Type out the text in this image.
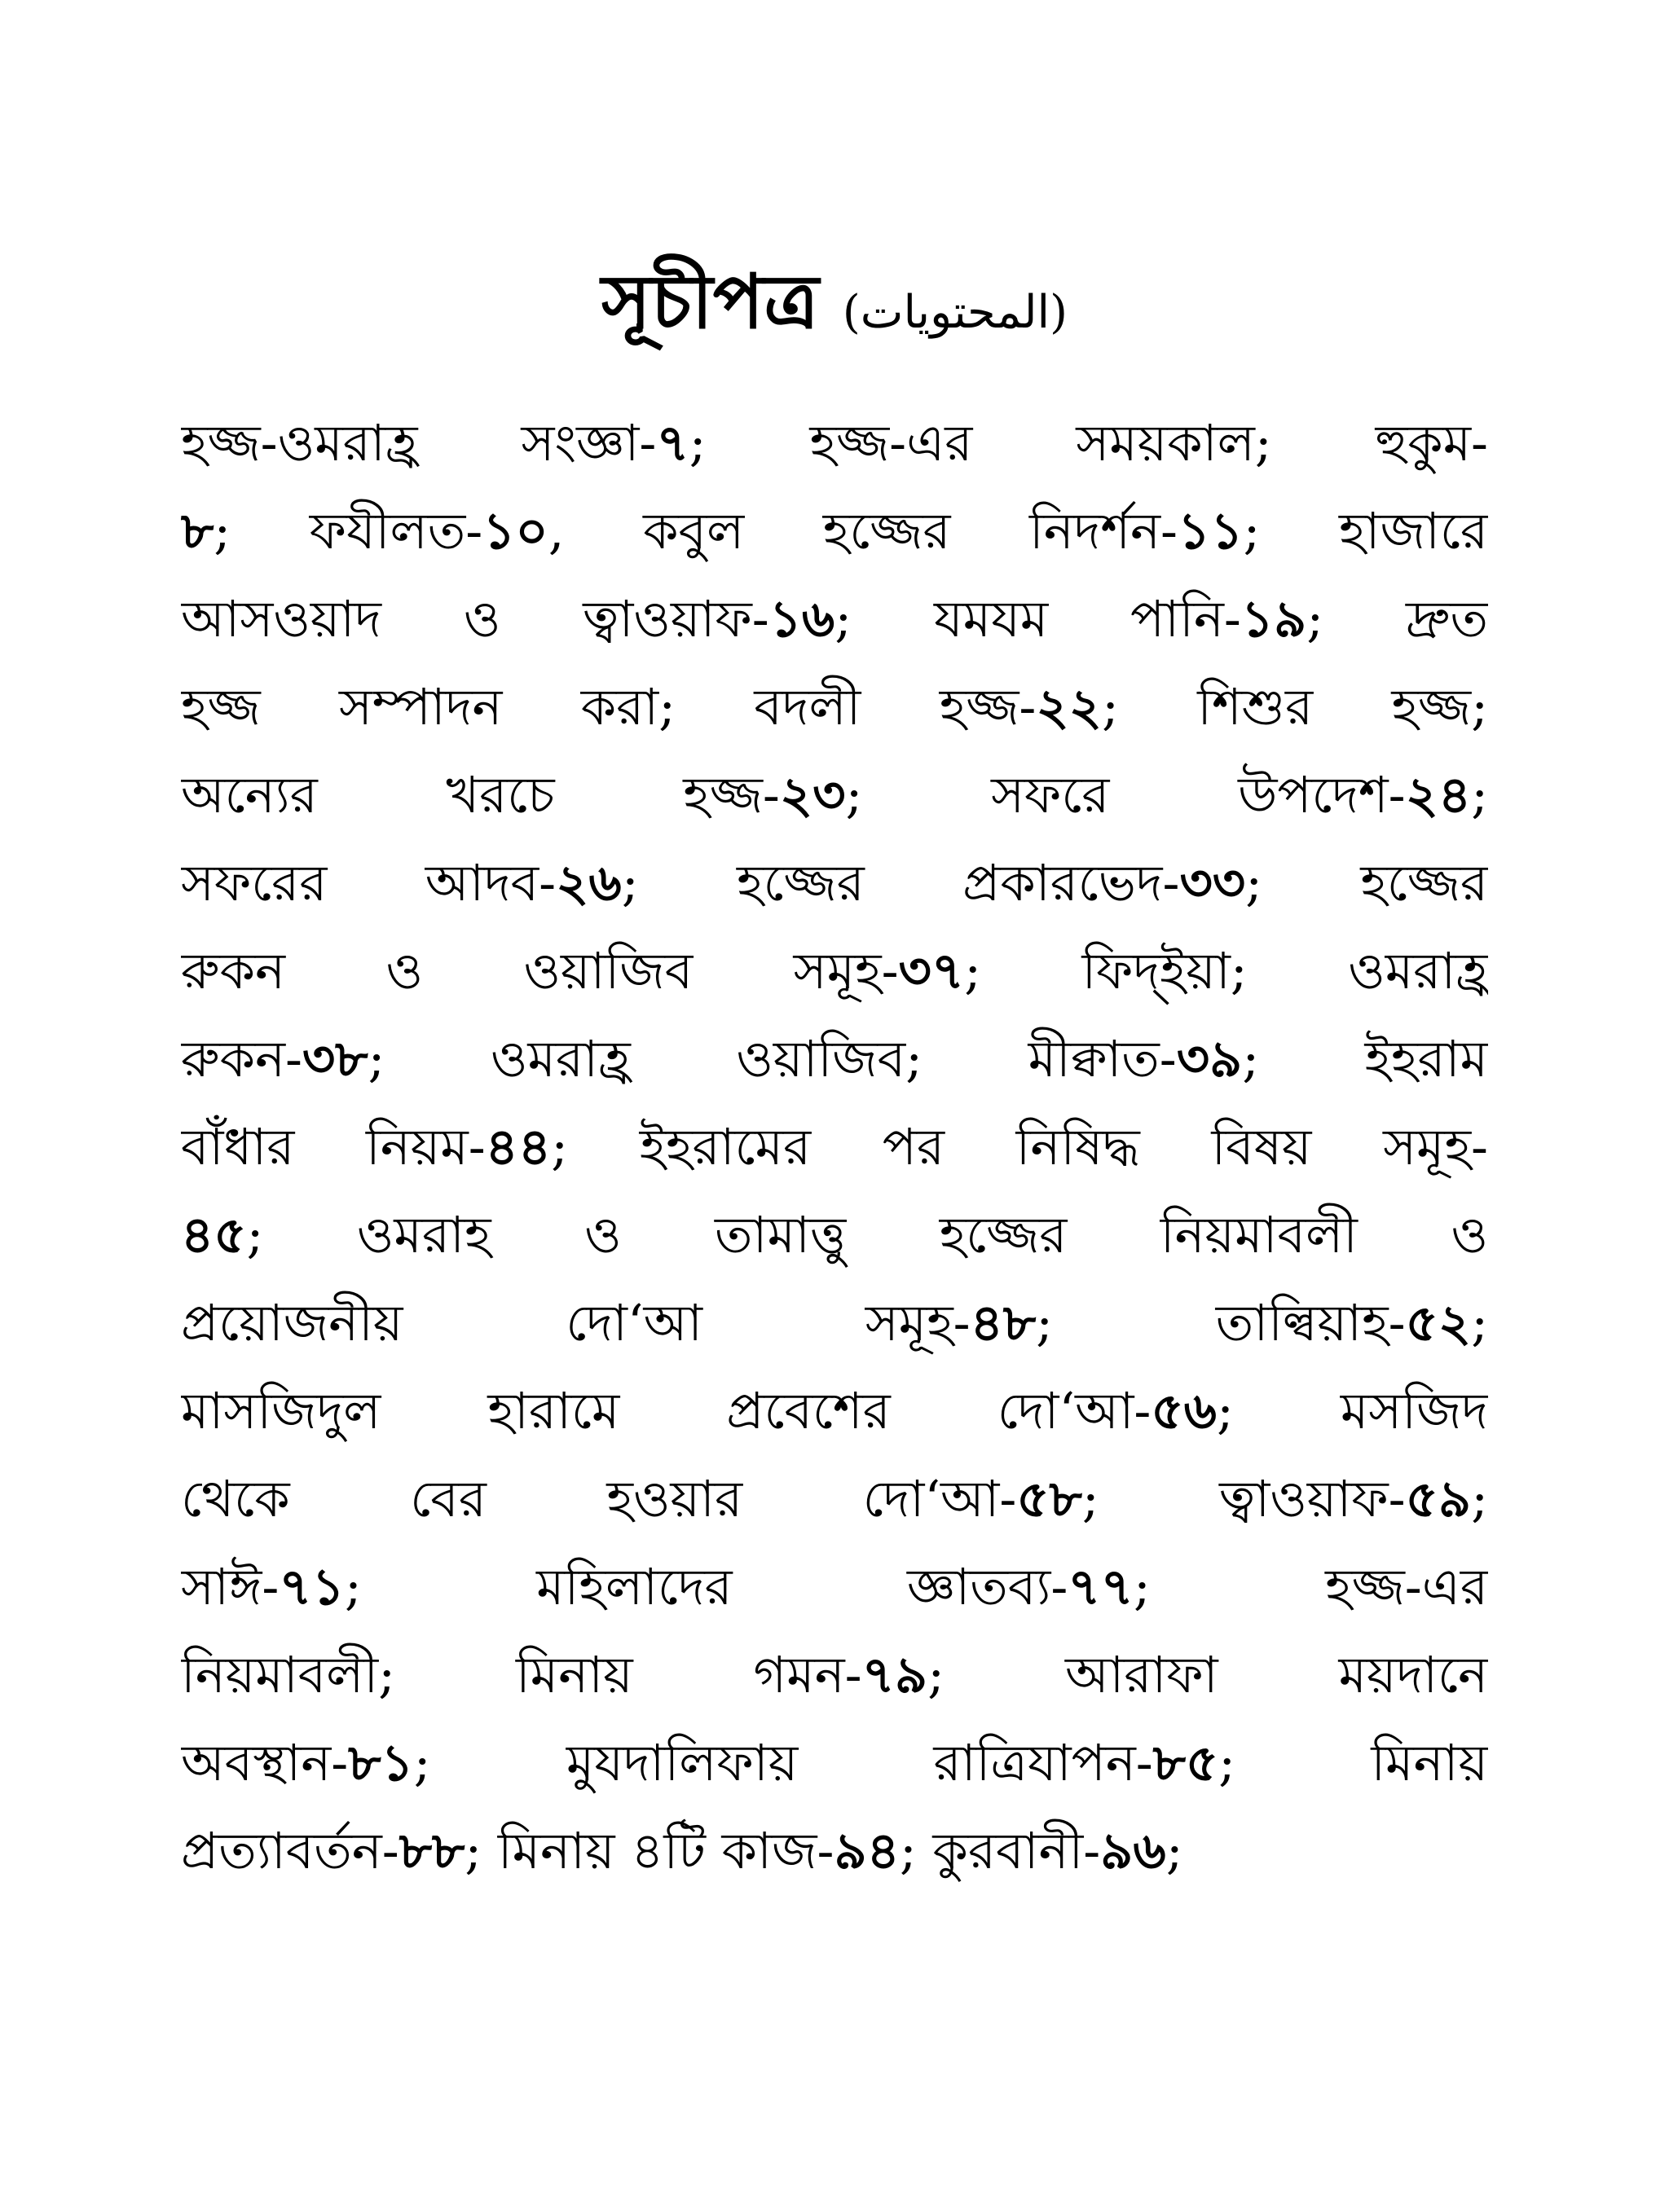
সূচীপত্র (المحتويات)
হজ্জ-ওমরাহ্র সংজ্ঞা-৭; হজ্জ-এর সময়কাল; হুকুম-
৮; ফযীলত-১০, কবুল হজ্জের নিদর্শন-১১; হাজারে
আসওয়াদ ও ত্বাওয়াফ-১৬; যমযম পানি-১৯; দ্রুত
হজ্জ সম্পাদন করা; বদলী হজ্জ-২২; শিশুর হজ্জ;
অন্যের খরচে হজ্জ-২৩; সফরে উপদেশ-২৪;
সফরের আদব-২৬; হজ্জের প্রকারভেদ-৩৩; হজ্জের
রুকন ও ওয়াজিব সমূহ-৩৭; ফিদ্ইয়া; ওমরাহ্র
রুকন-৩৮; ওমরাহ্র ওয়াজিব; মীক্বাত-৩৯; ইহরাম
বাঁধার নিয়ম-৪৪; ইহরামের পর নিষিদ্ধ বিষয় সমূহ-
৪৫; ওমরাহ ও তামাত্তু হজ্জের নিয়মাবলী ও
প্রয়োজনীয় দো‘আ সমূহ-৪৮; তাল্বিয়াহ-৫২;
মাসজিদুল হারামে প্রবেশের দো‘আ-৫৬; মসজিদ
থেকে বের হওয়ার দো‘আ-৫৮; ত্বাওয়াফ-৫৯;
সাঈ-৭১; মহিলাদের জ্ঞাতব্য-৭৭; হজ্জ-এর
নিয়মাবলী; মিনায় গমন-৭৯; আরাফা ময়দানে
অবস্থান-৮১; মুযদালিফায় রাত্রিযাপন-৮৫; মিনায়
প্রত্যাবর্তন-৮৮; মিনায় ৪টি কাজ-৯৪; কুরবানী-৯৬;
